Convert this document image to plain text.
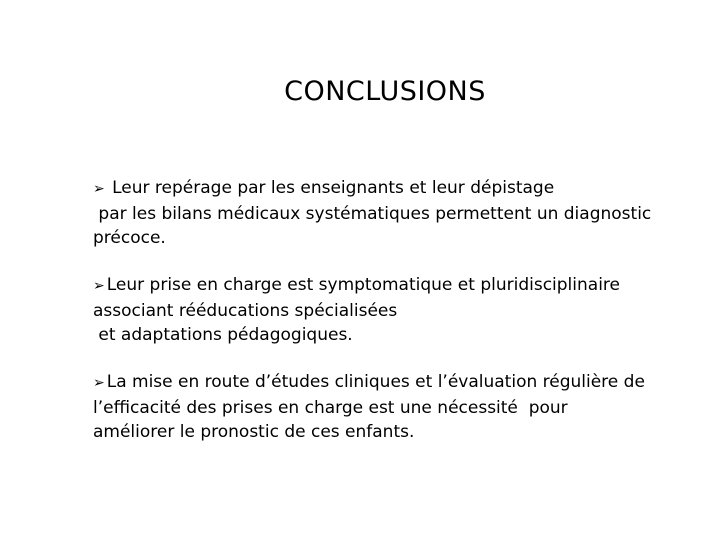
CONCLUSIONS
➢ Leur repérage par les enseignants et leur dépistage
par les bilans médicaux systématiques permettent un diagnostic
précoce.
➢ Leur prise en charge est symptomatique et pluridisciplinaire
associant rééducations spécialisées
et adaptations pédagogiques.
➢ La mise en route d’études cliniques et l’évaluation régulière de
l’efficacité des prises en charge est une nécessité  pour
améliorer le pronostic de ces enfants.
